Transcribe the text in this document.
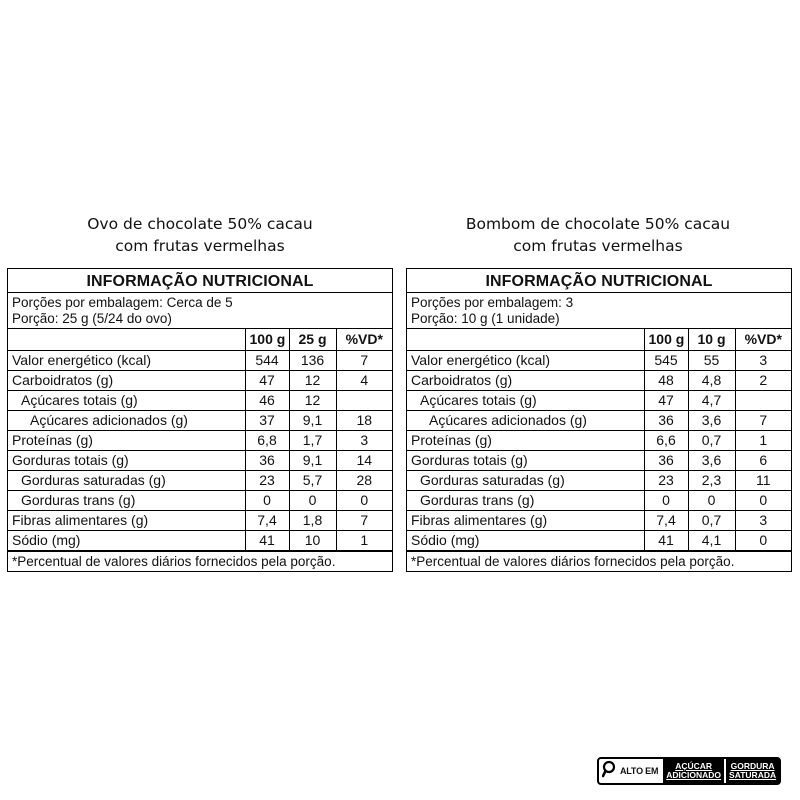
Ovo de chocolate 50% cacau
com frutas vermelhas
INFORMAÇÃO NUTRICIONAL
Porções por embalagem: Cerca de 5
Porção: 25 g (5/24 do ovo)
	100 g	25 g	%VD*
Valor energético (kcal)	544	136	7
Carboidratos (g)	47	12	4
Açúcares totais (g)	46	12	
Açúcares adicionados (g)	37	9,1	18
Proteínas (g)	6,8	1,7	3
Gorduras totais (g)	36	9,1	14
Gorduras saturadas (g)	23	5,7	28
Gorduras trans (g)	0	0	0
Fibras alimentares (g)	7,4	1,8	7
Sódio (mg)	41	10	1
*Percentual de valores diários fornecidos pela porção.
Bombom de chocolate 50% cacau
com frutas vermelhas
INFORMAÇÃO NUTRICIONAL
Porções por embalagem: 3
Porção: 10 g (1 unidade)
	100 g	10 g	%VD*
Valor energético (kcal)	545	55	3
Carboidratos (g)	48	4,8	2
Açúcares totais (g)	47	4,7	
Açúcares adicionados (g)	36	3,6	7
Proteínas (g)	6,6	0,7	1
Gorduras totais (g)	36	3,6	6
Gorduras saturadas (g)	23	2,3	11
Gorduras trans (g)	0	0	0
Fibras alimentares (g)	7,4	0,7	3
Sódio (mg)	41	4,1	0
*Percentual de valores diários fornecidos pela porção.
ALTO EM	AÇÚCAR
ADICIONADO
GORDURA
SATURADA
